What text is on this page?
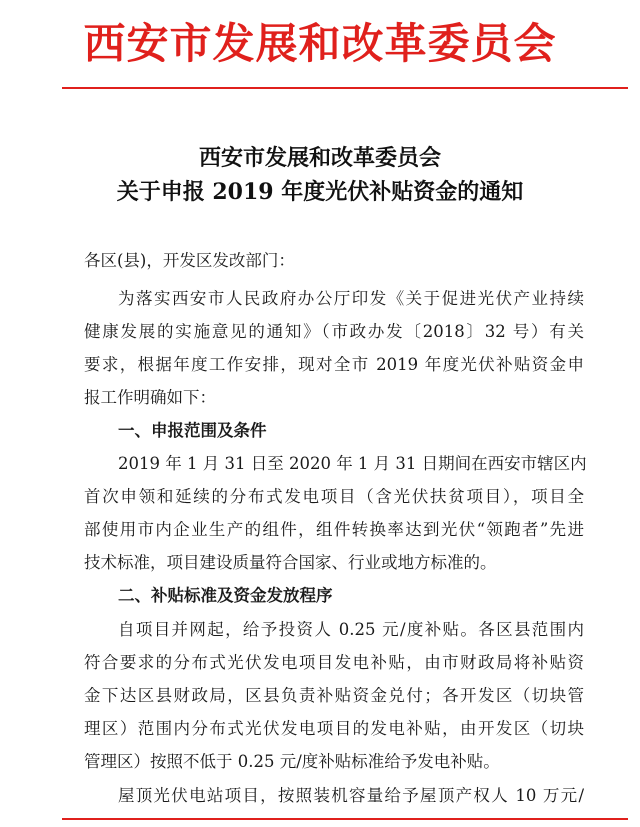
西安市发展和改革委员会
西安市发展和改革委员会
关于申报 2019 年度光伏补贴资金的通知
各区(县)，开发区发改部门：
为落实西安市人民政府办公厅印发《关于促进光伏产业持续
健康发展的实施意见的通知》（市政办发〔2018〕32 号）有关
要求，根据年度工作安排，现对全市 2019 年度光伏补贴资金申
报工作明确如下：
一、申报范围及条件
2019 年 1 月 31 日至 2020 年 1 月 31 日期间在西安市辖区内
首次申领和延续的分布式发电项目（含光伏扶贫项目），项目全
部使用市内企业生产的组件，组件转换率达到光伏“领跑者”先进
技术标准，项目建设质量符合国家、行业或地方标准的。
二、补贴标准及资金发放程序
自项目并网起，给予投资人 0.25 元/度补贴。各区县范围内
符合要求的分布式光伏发电项目发电补贴，由市财政局将补贴资
金下达区县财政局，区县负责补贴资金兑付；各开发区（切块管
理区）范围内分布式光伏发电项目的发电补贴，由开发区（切块
管理区）按照不低于 0.25 元/度补贴标准给予发电补贴。
屋顶光伏电站项目，按照装机容量给予屋顶产权人 10 万元/
